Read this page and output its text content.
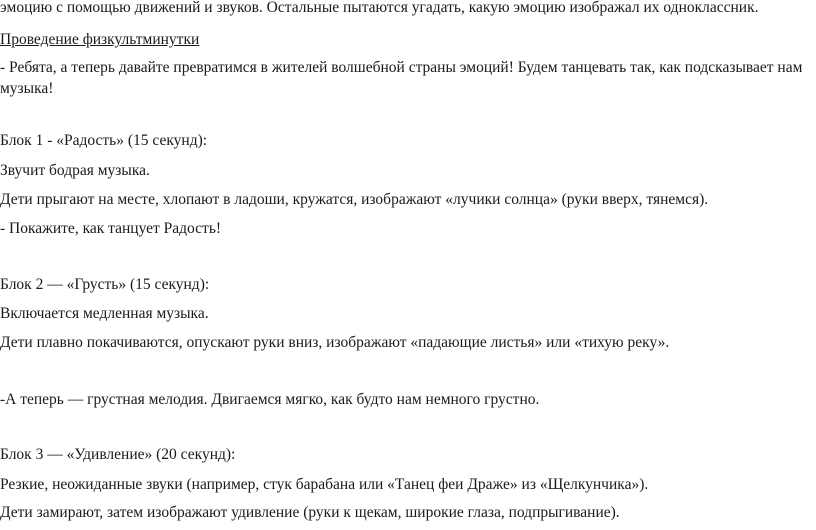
эмоцию с помощью движений и звуков. Остальные пытаются угадать, какую эмоцию изображал их одноклассник.
Проведение физкультминутки
- Ребята, а теперь давайте превратимся в жителей волшебной страны эмоций! Будем танцевать так, как подсказывает нам
музыка!
Блок 1 - «Радость» (15 секунд):
Звучит бодрая музыка.
Дети прыгают на месте, хлопают в ладоши, кружатся, изображают «лучики солнца» (руки вверх, тянемся).
- Покажите, как танцует Радость!
Блок 2 — «Грусть» (15 секунд):
Включается медленная музыка.
Дети плавно покачиваются, опускают руки вниз, изображают «падающие листья» или «тихую реку».
-А теперь — грустная мелодия. Двигаемся мягко, как будто нам немного грустно.
Блок 3 — «Удивление» (20 секунд):
Резкие, неожиданные звуки (например, стук барабана или «Танец феи Драже» из «Щелкунчика»).
Дети замирают, затем изображают удивление (руки к щекам, широкие глаза, подпрыгивание).
